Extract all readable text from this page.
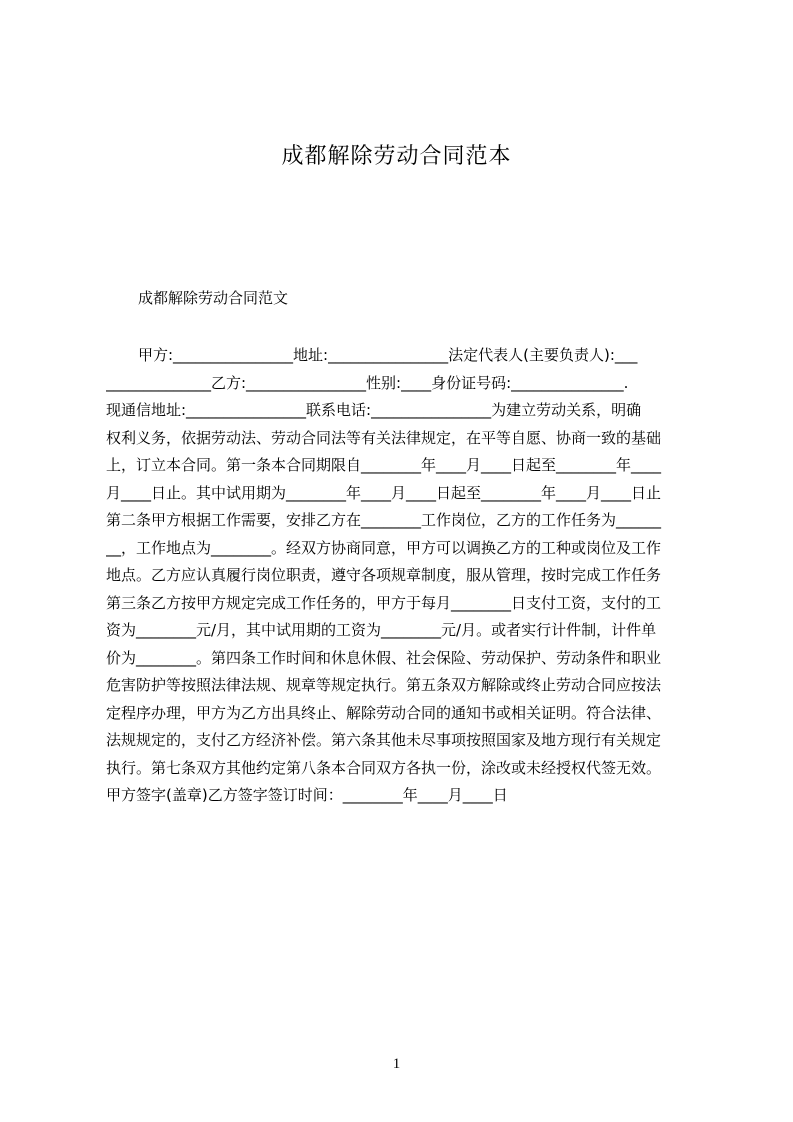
成都解除劳动合同范本
成都解除劳动合同范文
甲方:________________地址:________________法定代表人(主要负责人):___
______________乙方:________________性别:____身份证号码:_______________.
现通信地址:________________联系电话:________________为建立劳动关系，明确
权利义务，依据劳动法、劳动合同法等有关法律规定，在平等自愿、协商一致的基础
上，订立本合同。第一条本合同期限自________年____月____日起至________年____
月____日止。其中试用期为________年____月____日起至________年____月____日止
第二条甲方根据工作需要，安排乙方在________工作岗位，乙方的工作任务为______
__，工作地点为________。经双方协商同意，甲方可以调换乙方的工种或岗位及工作
地点。乙方应认真履行岗位职责，遵守各项规章制度，服从管理，按时完成工作任务
第三条乙方按甲方规定完成工作任务的，甲方于每月________日支付工资，支付的工
资为________元/月，其中试用期的工资为________元/月。或者实行计件制，计件单
价为________。第四条工作时间和休息休假、社会保险、劳动保护、劳动条件和职业
危害防护等按照法律法规、规章等规定执行。第五条双方解除或终止劳动合同应按法
定程序办理，甲方为乙方出具终止、解除劳动合同的通知书或相关证明。符合法律、
法规规定的，支付乙方经济补偿。第六条其他未尽事项按照国家及地方现行有关规定
执行。第七条双方其他约定第八条本合同双方各执一份，涂改或未经授权代签无效。
甲方签字(盖章)乙方签字签订时间：________年____月____日
1
